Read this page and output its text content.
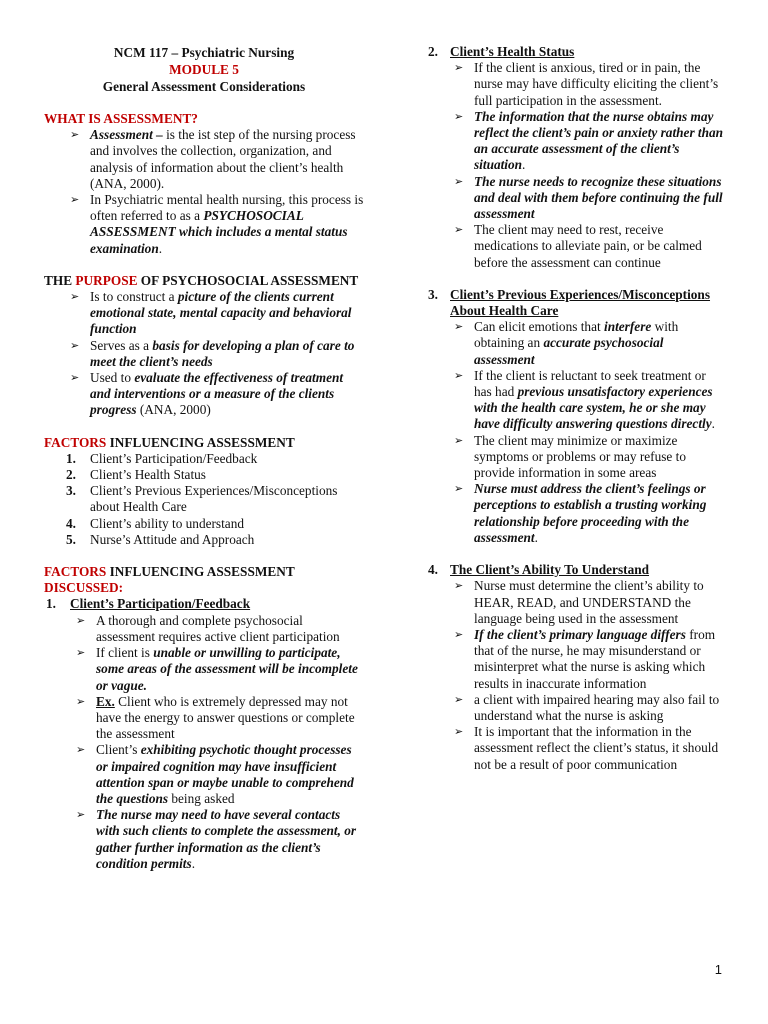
NCM 117 – Psychiatric Nursing
MODULE 5
General Assessment Considerations
WHAT IS ASSESSMENT?
➢ Assessment – is the ist step of the nursing process and involves the collection, organization, and analysis of information about the client’s health (ANA, 2000).
➢ In Psychiatric mental health nursing, this process is often referred to as a PSYCHOSOCIAL ASSESSMENT which includes a mental status examination.
THE PURPOSE OF PSYCHOSOCIAL ASSESSMENT
➢ Is to construct a picture of the clients current emotional state, mental capacity and behavioral function
➢ Serves as a basis for developing a plan of care to meet the client’s needs
➢ Used to evaluate the effectiveness of treatment and interventions or a measure of the clients progress (ANA, 2000)
FACTORS INFLUENCING ASSESSMENT
1. Client’s Participation/Feedback
2. Client’s Health Status
3. Client’s Previous Experiences/Misconceptions about Health Care
4. Client’s ability to understand
5. Nurse’s Attitude and Approach
FACTORS INFLUENCING ASSESSMENT
DISCUSSED:
1. Client’s Participation/Feedback
➢ A thorough and complete psychosocial assessment requires active client participation
➢ If client is unable or unwilling to participate, some areas of the assessment will be incomplete or vague.
➢ Ex. Client who is extremely depressed may not have the energy to answer questions or complete the assessment
➢ Client’s exhibiting psychotic thought processes or impaired cognition may have insufficient attention span or maybe unable to comprehend the questions being asked
➢ The nurse may need to have several contacts with such clients to complete the assessment, or gather further information as the client’s condition permits.
2. Client’s Health Status
➢ If the client is anxious, tired or in pain, the nurse may have difficulty eliciting the client’s full participation in the assessment.
➢ The information that the nurse obtains may reflect the client’s pain or anxiety rather than an accurate assessment of the client’s situation.
➢ The nurse needs to recognize these situations and deal with them before continuing the full assessment
➢ The client may need to rest, receive medications to alleviate pain, or be calmed before the assessment can continue
3. Client’s Previous Experiences/Misconceptions About Health Care
➢ Can elicit emotions that interfere with obtaining an accurate psychosocial assessment
➢ If the client is reluctant to seek treatment or has had previous unsatisfactory experiences with the health care system, he or she may have difficulty answering questions directly.
➢ The client may minimize or maximize symptoms or problems or may refuse to provide information in some areas
➢ Nurse must address the client’s feelings or perceptions to establish a trusting working relationship before proceeding with the assessment.
4. The Client’s Ability To Understand
➢ Nurse must determine the client’s ability to HEAR, READ, and UNDERSTAND the language being used in the assessment
➢ If the client’s primary language differs from that of the nurse, he may misunderstand or misinterpret what the nurse is asking which results in inaccurate information
➢ a client with impaired hearing may also fail to understand what the nurse is asking
➢ It is important that the information in the assessment reflect the client’s status, it should not be a result of poor communication
1
